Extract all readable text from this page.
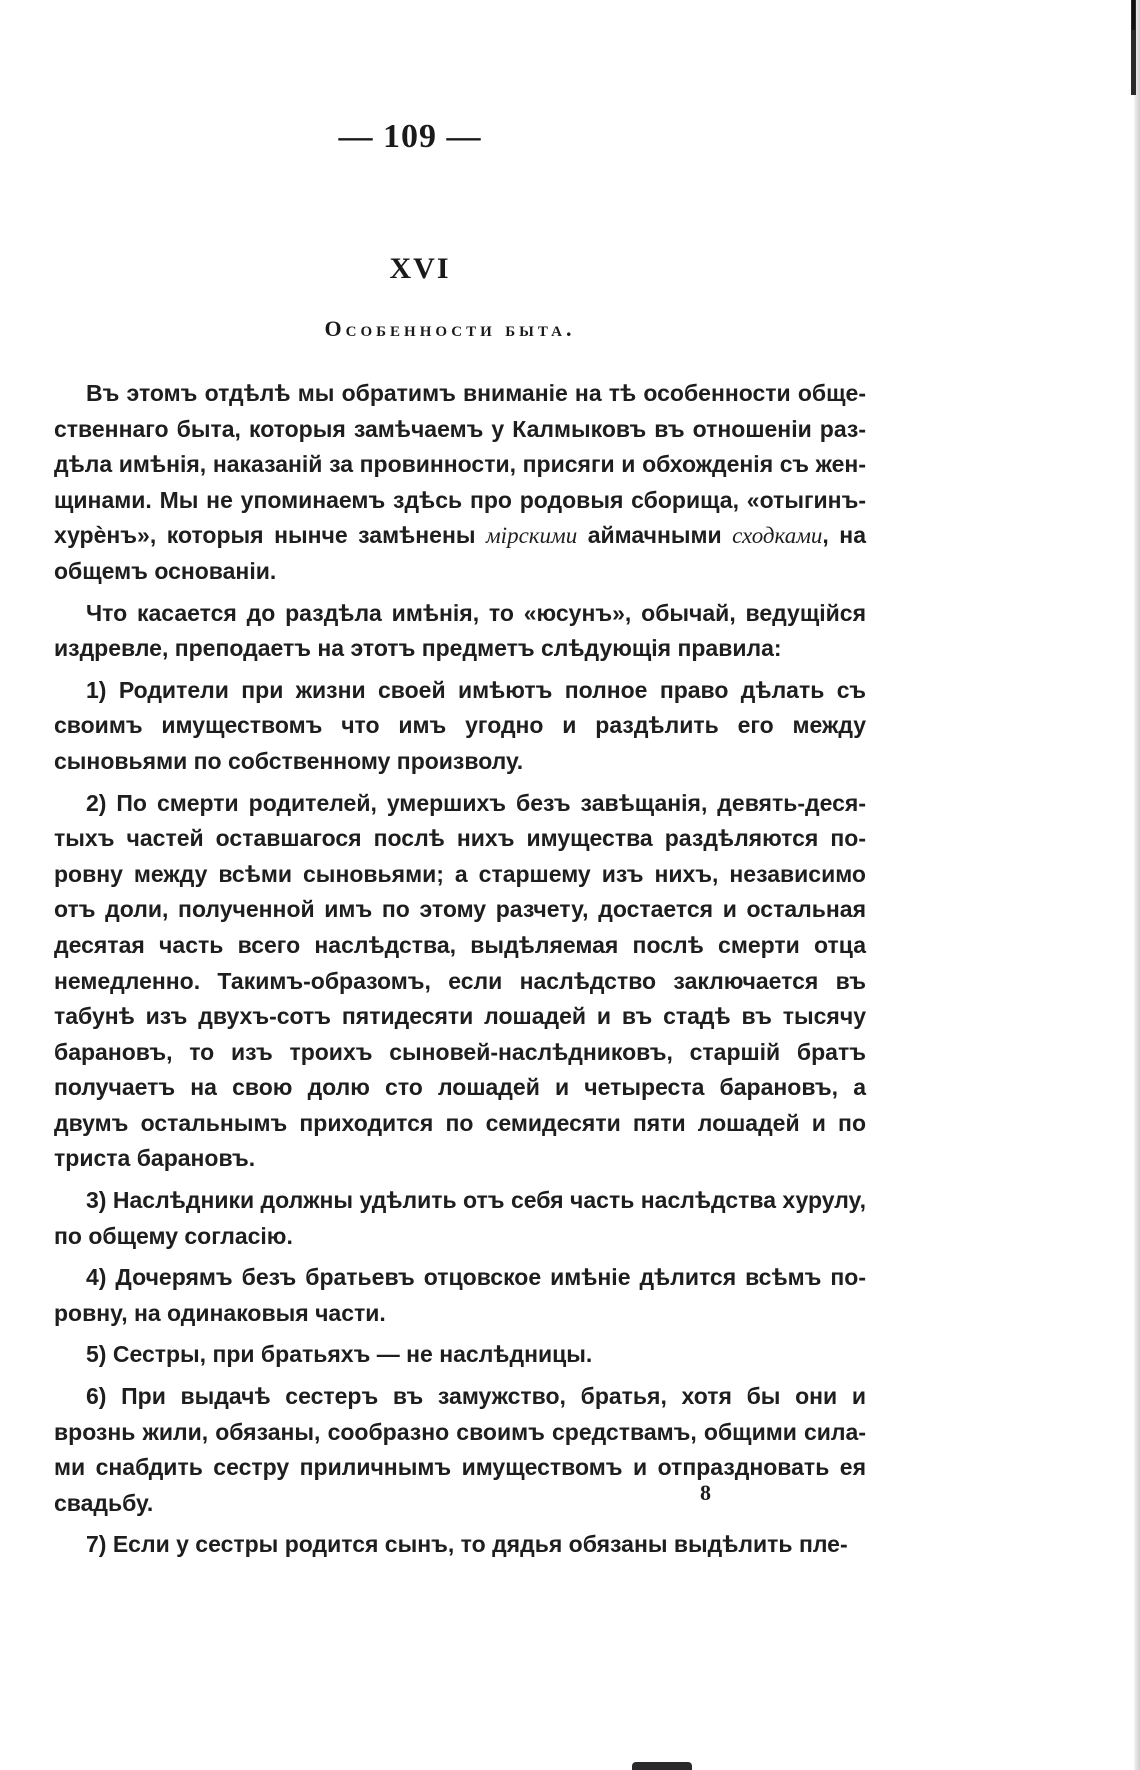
— 109 —
XVI
Особенности быта.

Въ этомъ отдѣлѣ мы обратимъ вниманіе на тѣ особенности общественнаго быта, которыя замѣчаемъ у Калмыковъ въ отношеніи раздѣла имѣнія, наказаній за провинности, присяги и обхожденія съ женщинами. Мы не упоминаемъ здѣсь про родовыя сборища, «отыгинъ-хурѐнъ», которыя нынче замѣнены мірскими аймачными сходками, на общемъ основаніи.

Что касается до раздѣла имѣнія, то «юсунъ», обычай, ведущійся издревле, преподаетъ на этотъ предметъ слѣдующія правила:

1) Родители при жизни своей имѣютъ полное право дѣлать съ своимъ имуществомъ что имъ угодно и раздѣлить его между сыновьями по собственному произволу.

2) По смерти родителей, умершихъ безъ завѣщанія, девять-десятыхъ частей оставшагося послѣ нихъ имущества раздѣляются по-ровну между всѣми сыновьями; а старшему изъ нихъ, независимо отъ доли, полученной имъ по этому разчету, достается и остальная десятая часть всего наслѣдства, выдѣляемая послѣ смерти отца немедленно. Такимъ-образомъ, если наслѣдство заключается въ табунѣ изъ двухъ-сотъ пятидесяти лошадей и въ стадѣ въ тысячу барановъ, то изъ троихъ сыновей-наслѣдниковъ, старшій братъ получаетъ на свою долю сто лошадей и четыреста барановъ, а двумъ остальнымъ приходится по семидесяти пяти лошадей и по триста барановъ.

3) Наслѣдники должны удѣлить отъ себя часть наслѣдства хурулу, по общему согласію.

4) Дочерямъ безъ братьевъ отцовское имѣніе дѣлится всѣмъ поровну, на одинаковыя части.

5) Сестры, при братьяхъ — не наслѣдницы.

6) При выдачѣ сестеръ въ замужство, братья, хотя бы они и врознь жили, обязаны, сообразно своимъ средствамъ, общими силами снабдить сестру приличнымъ имуществомъ и отпраздновать ея свадьбу.

7) Если у сестры родится сынъ, то дядья обязаны выдѣлить пле-

8
